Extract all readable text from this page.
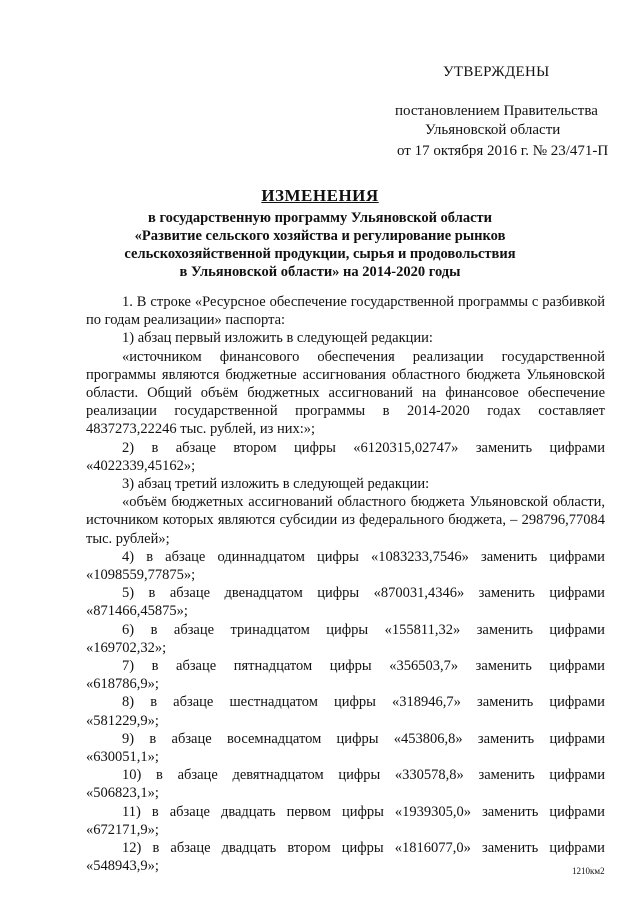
УТВЕРЖДЕНЫ
постановлением Правительства
Ульяновской области
от 17 октября 2016 г. № 23/471-П
ИЗМЕНЕНИЯ
в государственную программу Ульяновской области
«Развитие сельского хозяйства и регулирование рынков
сельскохозяйственной продукции, сырья и продовольствия
в Ульяновской области» на 2014-2020 годы
1. В строке «Ресурсное обеспечение государственной программы с разбивкой по годам реализации» паспорта:
1) абзац первый изложить в следующей редакции:
«источником финансового обеспечения реализации государственной программы являются бюджетные ассигнования областного бюджета Ульяновской области. Общий объём бюджетных ассигнований на финансовое обеспечение реализации государственной программы в 2014-2020 годах составляет 4837273,22246 тыс. рублей, из них:»;
2) в абзаце втором цифры «6120315,02747» заменить цифрами
«4022339,45162»;
3) абзац третий изложить в следующей редакции:
«объём бюджетных ассигнований областного бюджета Ульяновской области, источником которых являются субсидии из федерального бюджета, – 298796,77084 тыс. рублей»;
4) в абзаце одиннадцатом цифры «1083233,7546» заменить цифрами
«1098559,77875»;
5) в абзаце двенадцатом цифры «870031,4346» заменить цифрами
«871466,45875»;
6) в абзаце тринадцатом цифры «155811,32» заменить цифрами
«169702,32»;
7) в абзаце пятнадцатом цифры «356503,7» заменить цифрами
«618786,9»;
8) в абзаце шестнадцатом цифры «318946,7» заменить цифрами
«581229,9»;
9) в абзаце восемнадцатом цифры «453806,8» заменить цифрами
«630051,1»;
10) в абзаце девятнадцатом цифры «330578,8» заменить цифрами
«506823,1»;
11) в абзаце двадцать первом цифры «1939305,0» заменить цифрами
«672171,9»;
12) в абзаце двадцать втором цифры «1816077,0» заменить цифрами
«548943,9»;	1210км2
